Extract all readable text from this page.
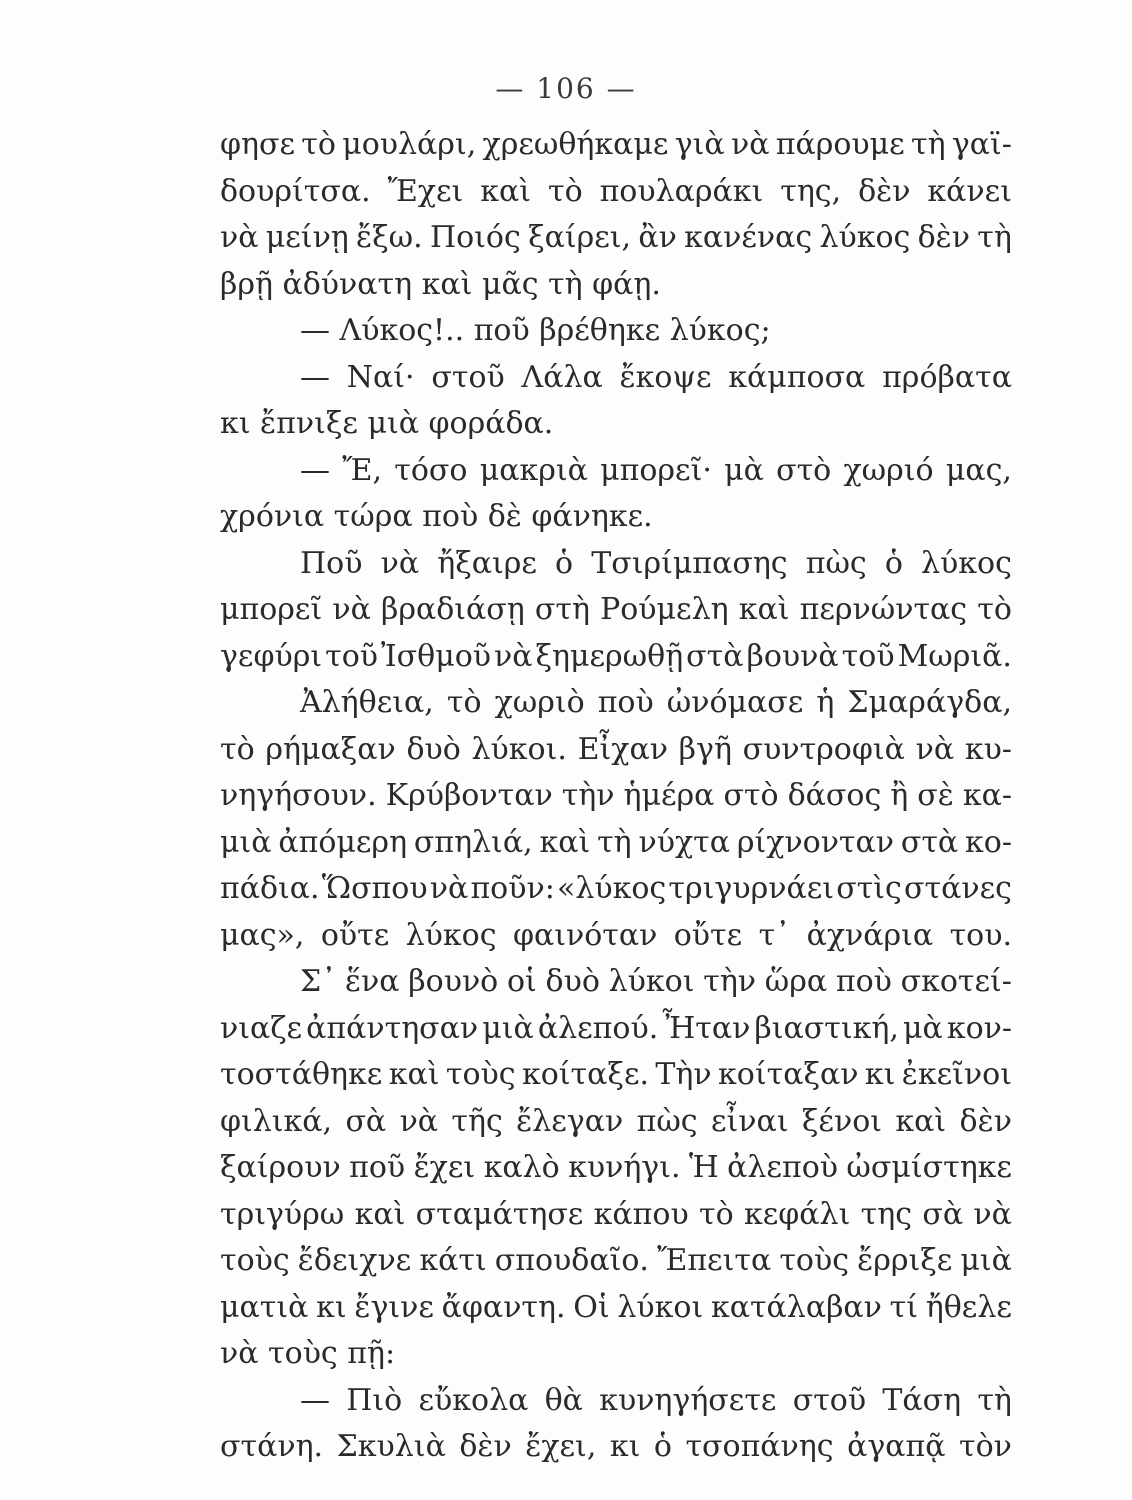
— 106 —
φησε τὸ μουλάρι, χρεωθήκαμε γιὰ νὰ πάρουμε τὴ γαϊ-
δουρίτσα. Ἔχει καὶ τὸ πουλαράκι της, δὲν κάνει
νὰ μείνῃ ἔξω. Ποιός ξαίρει, ἂν κανένας λύκος δὲν τὴ
βρῇ ἀδύνατη καὶ μᾶς τὴ φάῃ.
— Λύκος!.. ποῦ βρέθηκε λύκος;
— Ναί· στοῦ Λάλα ἔκοψε κάμποσα πρόβατα
κι ἔπνιξε μιὰ φοράδα.
— Ἔ, τόσο μακριὰ μπορεῖ· μὰ στὸ χωριό μας,
χρόνια τώρα ποὺ δὲ φάνηκε.
Ποῦ νὰ ἤξαιρε ὁ Τσιρίμπασης πὼς ὁ λύκος
μπορεῖ νὰ βραδιάσῃ στὴ Ρούμελη καὶ περνώντας τὸ
γεφύρι τοῦ Ἰσθμοῦ νὰ ξημερωθῇ στὰ βουνὰ τοῦ Μωριᾶ.
Ἀλήθεια, τὸ χωριὸ ποὺ ὠνόμασε ἡ Σμαράγδα,
τὸ ρήμαξαν δυὸ λύκοι. Εἶχαν βγῆ συντροφιὰ νὰ κυ-
νηγήσουν. Κρύβονταν τὴν ἡμέρα στὸ δάσος ἢ σὲ κα-
μιὰ ἀπόμερη σπηλιά, καὶ τὴ νύχτα ρίχνονταν στὰ κο-
πάδια. Ὥσπου νὰ ποῦν: «λύκος τριγυρνάει στὶς στάνες
μας», οὔτε λύκος φαινόταν οὔτε τ᾿ ἀχνάρια του.
Σ᾿ ἕνα βουνὸ οἱ δυὸ λύκοι τὴν ὥρα ποὺ σκοτεί-
νιαζε ἀπάντησαν μιὰ ἀλεπού. Ἦταν βιαστική, μὰ κον-
τοστάθηκε καὶ τοὺς κοίταξε. Τὴν κοίταξαν κι ἐκεῖνοι
φιλικά, σὰ νὰ τῆς ἔλεγαν πὼς εἶναι ξένοι καὶ δὲν
ξαίρουν ποῦ ἔχει καλὸ κυνήγι. Ἡ ἀλεποὺ ὠσμίστηκε
τριγύρω καὶ σταμάτησε κάπου τὸ κεφάλι της σὰ νὰ
τοὺς ἔδειχνε κάτι σπουδαῖο. Ἔπειτα τοὺς ἔρριξε μιὰ
ματιὰ κι ἔγινε ἄφαντη. Οἱ λύκοι κατάλαβαν τί ἤθελε
νὰ τοὺς πῇ:
— Πιὸ εὔκολα θὰ κυνηγήσετε στοῦ Τάση τὴ
στάνη. Σκυλιὰ δὲν ἔχει, κι ὁ τσοπάνης ἀγαπᾷ τὸν
